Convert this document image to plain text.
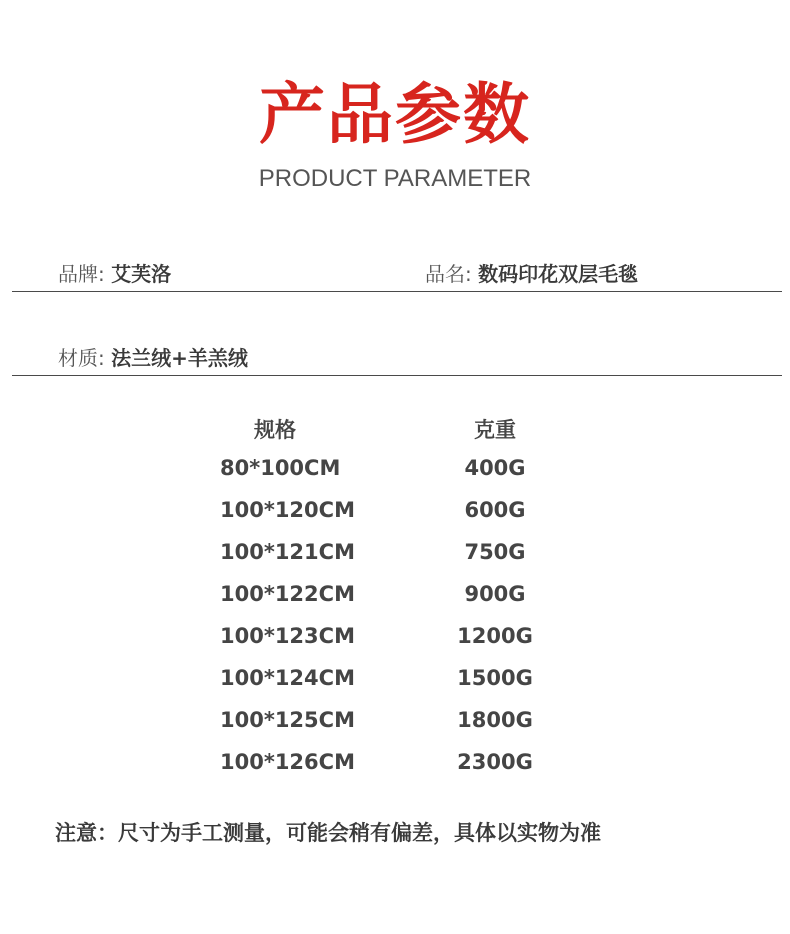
产品参数
PRODUCT PARAMETER
品牌: 艾芙洛	品名: 数码印花双层毛毯
材质: 法兰绒+羊羔绒
规格	克重
80*100CM	400G
100*120CM	600G
100*121CM	750G
100*122CM	900G
100*123CM	1200G
100*124CM	1500G
100*125CM	1800G
100*126CM	2300G
注意：尺寸为手工测量，可能会稍有偏差，具体以实物为准
